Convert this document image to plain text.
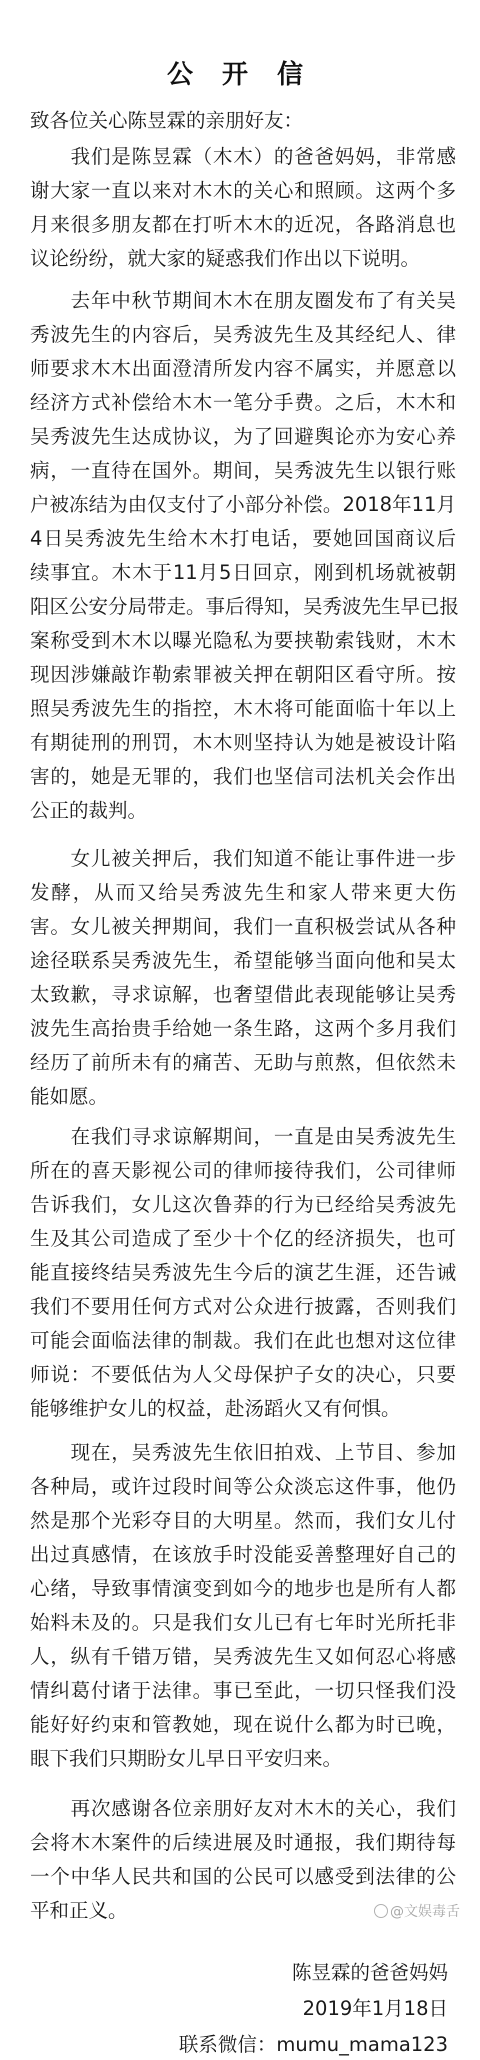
公 开 信
致各位关心陈昱霖的亲朋好友：
　　我们是陈昱霖（木木）的爸爸妈妈，非常感
谢大家一直以来对木木的关心和照顾。这两个多
月来很多朋友都在打听木木的近况，各路消息也
议论纷纷，就大家的疑惑我们作出以下说明。
　　去年中秋节期间木木在朋友圈发布了有关吴
秀波先生的内容后，吴秀波先生及其经纪人、律
师要求木木出面澄清所发内容不属实，并愿意以
经济方式补偿给木木一笔分手费。之后，木木和
吴秀波先生达成协议，为了回避舆论亦为安心养
病，一直待在国外。期间，吴秀波先生以银行账
户被冻结为由仅支付了小部分补偿。2018年11月
4日吴秀波先生给木木打电话，要她回国商议后
续事宜。木木于11月5日回京，刚到机场就被朝
阳区公安分局带走。事后得知，吴秀波先生早已报
案称受到木木以曝光隐私为要挟勒索钱财，木木
现因涉嫌敲诈勒索罪被关押在朝阳区看守所。按
照吴秀波先生的指控，木木将可能面临十年以上
有期徒刑的刑罚，木木则坚持认为她是被设计陷
害的，她是无罪的，我们也坚信司法机关会作出
公正的裁判。
　　女儿被关押后，我们知道不能让事件进一步
发酵，从而又给吴秀波先生和家人带来更大伤
害。女儿被关押期间，我们一直积极尝试从各种
途径联系吴秀波先生，希望能够当面向他和吴太
太致歉，寻求谅解，也奢望借此表现能够让吴秀
波先生高抬贵手给她一条生路，这两个多月我们
经历了前所未有的痛苦、无助与煎熬，但依然未
能如愿。
　　在我们寻求谅解期间，一直是由吴秀波先生
所在的喜天影视公司的律师接待我们，公司律师
告诉我们，女儿这次鲁莽的行为已经给吴秀波先
生及其公司造成了至少十个亿的经济损失，也可
能直接终结吴秀波先生今后的演艺生涯，还告诫
我们不要用任何方式对公众进行披露，否则我们
可能会面临法律的制裁。我们在此也想对这位律
师说：不要低估为人父母保护子女的决心，只要
能够维护女儿的权益，赴汤蹈火又有何惧。
　　现在，吴秀波先生依旧拍戏、上节目、参加
各种局，或许过段时间等公众淡忘这件事，他仍
然是那个光彩夺目的大明星。然而，我们女儿付
出过真感情，在该放手时没能妥善整理好自己的
心绪，导致事情演变到如今的地步也是所有人都
始料未及的。只是我们女儿已有七年时光所托非
人，纵有千错万错，吴秀波先生又如何忍心将感
情纠葛付诸于法律。事已至此，一切只怪我们没
能好好约束和管教她，现在说什么都为时已晚，
眼下我们只期盼女儿早日平安归来。
　　再次感谢各位亲朋好友对木木的关心，我们
会将木木案件的后续进展及时通报，我们期待每
一个中华人民共和国的公民可以感受到法律的公
平和正义。
陈昱霖的爸爸妈妈
2019年1月18日
联系微信：mumu_mama123
@文娱毒舌
